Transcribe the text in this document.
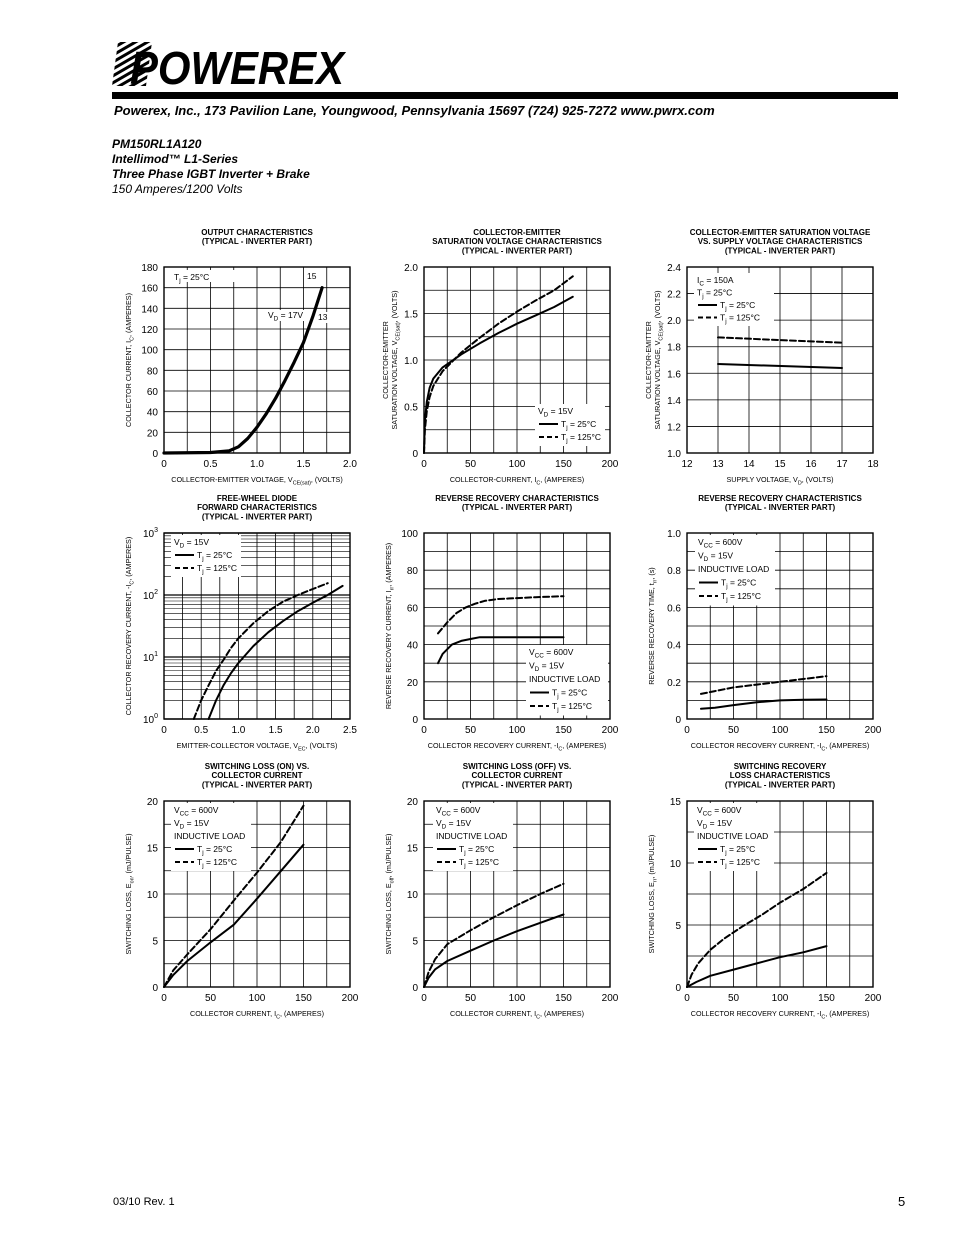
POWEREX
Powerex, Inc., 173 Pavilion Lane, Youngwood, Pennsylvania 15697 (724) 925-7272 www.pwrx.com
PM150RL1A120
Intellimod™ L1-Series
Three Phase IGBT Inverter + Brake
150 Amperes/1200 Volts
OUTPUT CHARACTERISTICS
(TYPICAL - INVERTER PART)
0	0.5	1.0	1.5	2.0
0
20
40
60
80
100
120
140
160
180
COLLECTOR-EMITTER VOLTAGE, $V_{CE(sat)}$, (VOLTS)
COLLECTOR CURRENT, $I_C$, (AMPERES)
$T_j = 25^\circ C$
$V_D = 17V$
15
13
COLLECTOR-EMITTER
SATURATION VOLTAGE CHARACTERISTICS
(TYPICAL - INVERTER PART)
0	50	100	150	200
0
0.5
1.0
1.5
2.0
COLLECTOR-CURRENT, $I_C$, (AMPERES)
COLLECTOR-EMITTER SATURATION VOLTAGE, $V_{CE(sat)}$, (VOLTS)
$V_D = 15V$
$T_j = 25^\circ C$
$T_j = 125^\circ C$
COLLECTOR-EMITTER SATURATION VOLTAGE
VS. SUPPLY VOLTAGE CHARACTERISTICS
(TYPICAL - INVERTER PART)
12 13 14 15 16 17 18
1.0
1.2
1.4
1.6
1.8
2.0
2.2
2.4
SUPPLY VOLTAGE, $V_D$, (VOLTS)
COLLECTOR-EMITTER SATURATION VOLTAGE, $V_{CE(sat)}$, (VOLTS)
$I_C = 150A$
$T_j = 25^\circ C$
$T_j = 25^\circ C$
$T_j = 125^\circ C$
FREE-WHEEL DIODE
FORWARD CHARACTERISTICS
(TYPICAL - INVERTER PART)
0	0.5 1.0 1.5 2.0 2.5
$10^0$
$10^1$
$10^2$
$10^3$
EMITTER-COLLECTOR VOLTAGE, $V_{EC}$, (VOLTS)
COLLECTOR RECOVERY CURRENT, $-I_C$, (AMPERES)	$V_D = 15V$
$T_j = 25^\circ C$
$T_j = 125^\circ C$
REVERSE RECOVERY CHARACTERISTICS
(TYPICAL - INVERTER PART)
0	50	100	150	200
0
20
40
60
80
100
COLLECTOR RECOVERY CURRENT, $-I_C$, (AMPERES)
REVERSE RECOVERY CURRENT, $I_{rr}$, (AMPERES)
$V_{CC} = 600V$
$V_D = 15V$
INDUCTIVE LOAD
$T_j = 25^\circ C$
$T_j = 125^\circ C$
REVERSE RECOVERY CHARACTERISTICS
(TYPICAL - INVERTER PART)
0	50	100	150	200
0
0.2
0.4
0.6
0.8
1.0
COLLECTOR RECOVERY CURRENT, $-I_C$, (AMPERES)
REVERSE RECOVERY TIME, $t_{rr}$, (s)
$V_{CC} = 600V$
$V_D = 15V$
INDUCTIVE LOAD
$T_j = 25^\circ C$
$T_j = 125^\circ C$
SWITCHING LOSS (ON) VS.
COLLECTOR CURRENT
(TYPICAL - INVERTER PART)
0	50	100	150	200
0
5
10
15
20
COLLECTOR CURRENT, $I_C$, (AMPERES)
SWITCHING LOSS, $E_{on}$, (mJ/PULSE)
$V_{CC} = 600V$
$V_D = 15V$
INDUCTIVE LOAD
$T_j = 25^\circ C$
$T_j = 125^\circ C$
SWITCHING LOSS (OFF) VS.
COLLECTOR CURRENT
(TYPICAL - INVERTER PART)
0	50	100	150	200
0
5
10
15
20
COLLECTOR CURRENT, $I_C$, (AMPERES)
SWITCHING LOSS, $E_{off}$, (mJ/PULSE)
$V_{CC} = 600V$
$V_D = 15V$
INDUCTIVE LOAD
$T_j = 25^\circ C$
$T_j = 125^\circ C$
SWITCHING RECOVERY
LOSS CHARACTERISTICS
(TYPICAL - INVERTER PART)
0	50	100	150	200
0
5
10
15
COLLECTOR RECOVERY CURRENT, $-I_C$, (AMPERES)
SWITCHING LOSS, $E_{rr}$, (mJ/PULSE)
$V_{CC} = 600V$
$V_D = 15V$
INDUCTIVE LOAD
$T_j = 25^\circ C$
$T_j = 125^\circ C$
03/10 Rev. 1	5
